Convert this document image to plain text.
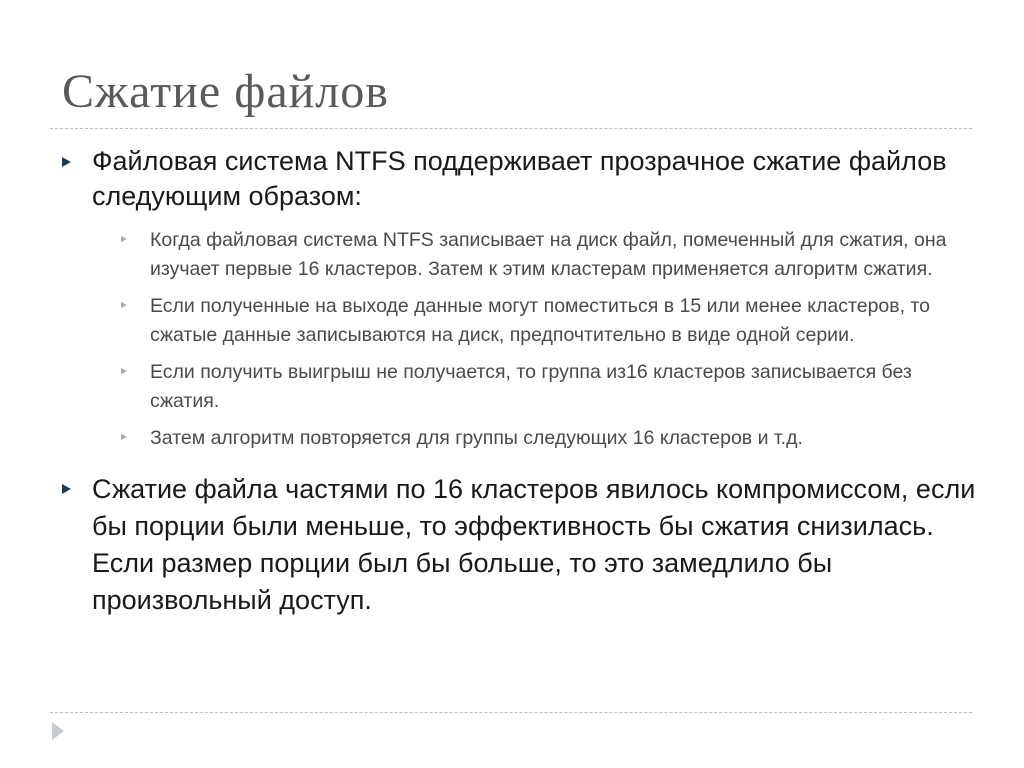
Сжатие файлов
Файловая система NTFS поддерживает прозрачное сжатие файлов следующим образом:
Когда файловая система NTFS записывает на диск файл, помеченный для сжатия, она изучает первые 16 кластеров. Затем к этим кластерам применяется алгоритм сжатия.
Если полученные на выходе данные могут поместиться в 15 или менее кластеров, то сжатые данные записываются на диск, предпочтительно в виде одной серии.
Если получить выигрыш не получается, то группа из16 кластеров записывается без сжатия.
Затем алгоритм повторяется для группы следующих 16 кластеров и т.д.
Сжатие файла частями по 16 кластеров явилось компромиссом, если бы порции были меньше, то эффективность бы сжатия снизилась. Если размер порции был бы больше, то это замедлило бы произвольный доступ.
